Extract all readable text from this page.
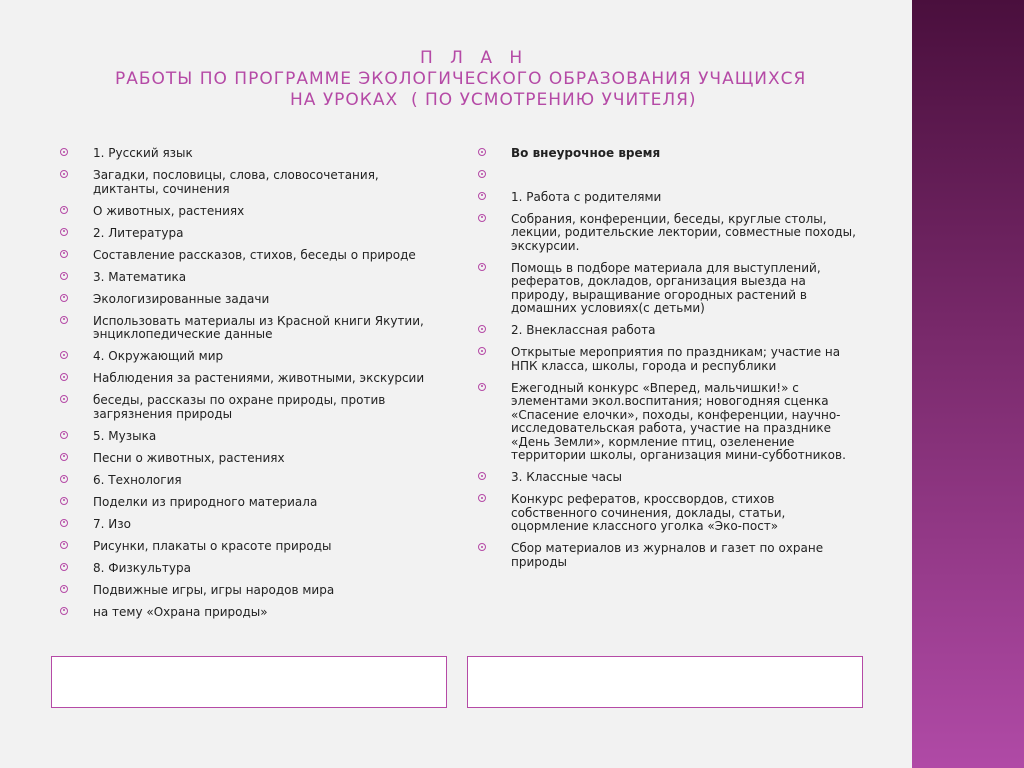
П Л А Н
РАБОТЫ ПО ПРОГРАММЕ ЭКОЛОГИЧЕСКОГО ОБРАЗОВАНИЯ УЧАЩИХСЯ
НА УРОКАХ  ( ПО УСМОТРЕНИЮ УЧИТЕЛЯ)
1. Русский язык
Загадки, пословицы, слова, словосочетания, диктанты, сочинения
О животных, растениях
2. Литература
Составление рассказов, стихов, беседы о природе
3. Математика
Экологизированные задачи
Использовать материалы из Красной книги Якутии, энциклопедические данные
4. Окружающий мир
Наблюдения за растениями, животными, экскурсии
беседы, рассказы по охране природы, против загрязнения природы
5. Музыка
Песни о животных, растениях
6. Технология
Поделки из природного материала
7. Изо
Рисунки, плакаты о красоте природы
8. Физкультура
Подвижные игры, игры народов мира
на тему «Охрана природы»
Во внеурочное время
1. Работа с родителями
Собрания, конференции, беседы, круглые столы, лекции, родительские лектории, совместные походы, экскурсии.
Помощь в подборе материала для выступлений, рефератов, докладов, организация выезда на природу, выращивание огородных растений в домашних условиях(с детьми)
2. Внеклассная работа
Открытые мероприятия по праздникам; участие на НПК класса, школы, города и республики
Ежегодный конкурс «Вперед, мальчишки!» с элементами экол.воспитания; новогодняя сценка «Спасение елочки», походы, конференции, научно-исследовательская работа, участие на празднике «День Земли», кормление птиц, озеленение территории школы, организация мини-субботников.
3. Классные часы
Конкурс рефератов, кроссвордов, стихов собственного сочинения, доклады, статьи, оцормление классного уголка «Эко-пост»
Сбор материалов из журналов и газет по охране природы
